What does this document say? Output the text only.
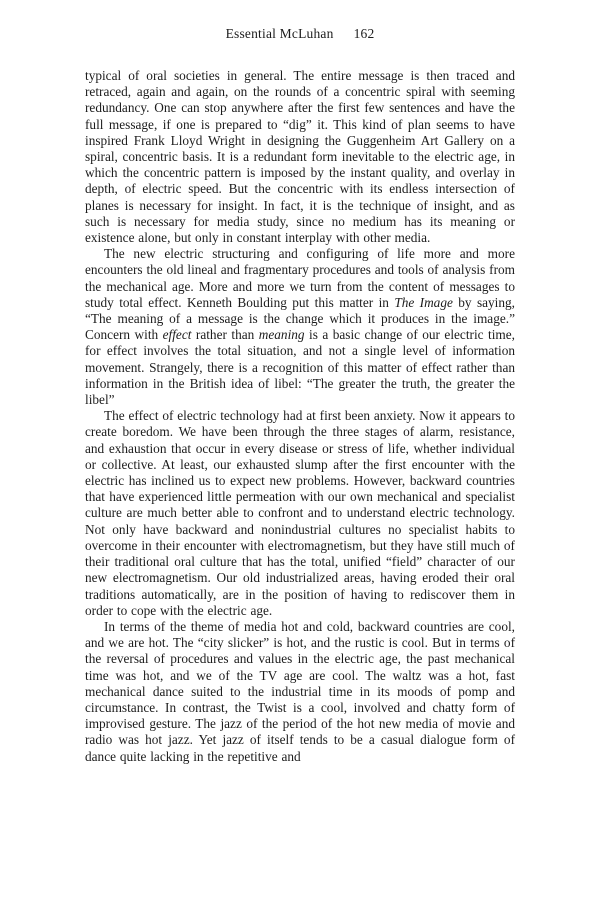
Essential McLuhan 162

typical of oral societies in general. The entire message is then traced and retraced, again and again, on the rounds of a concentric spiral with seeming redundancy. One can stop anywhere after the first few sentences and have the full message, if one is prepared to “dig” it. This kind of plan seems to have inspired Frank Lloyd Wright in designing the Guggenheim Art Gallery on a spiral, concentric basis. It is a redundant form inevitable to the electric age, in which the concentric pattern is imposed by the instant quality, and overlay in depth, of electric speed. But the concentric with its endless intersection of planes is necessary for insight. In fact, it is the technique of insight, and as such is necessary for media study, since no medium has its meaning or existence alone, but only in constant interplay with other media.

The new electric structuring and configuring of life more and more encounters the old lineal and fragmentary procedures and tools of analysis from the mechanical age. More and more we turn from the content of messages to study total effect. Kenneth Boulding put this matter in The Image by saying, “The meaning of a message is the change which it produces in the image.” Concern with effect rather than meaning is a basic change of our electric time, for effect involves the total situation, and not a single level of information movement. Strangely, there is a recognition of this matter of effect rather than information in the British idea of libel: “The greater the truth, the greater the libel”

The effect of electric technology had at first been anxiety. Now it appears to create boredom. We have been through the three stages of alarm, resistance, and exhaustion that occur in every disease or stress of life, whether individual or collective. At least, our exhausted slump after the first encounter with the electric has inclined us to expect new problems. However, backward countries that have experienced little permeation with our own mechanical and specialist culture are much better able to confront and to understand electric technology. Not only have backward and nonindustrial cultures no specialist habits to overcome in their encounter with electromagnetism, but they have still much of their traditional oral culture that has the total, unified “field” character of our new electromagnetism. Our old industrialized areas, having eroded their oral traditions automatically, are in the position of having to rediscover them in order to cope with the electric age.

In terms of the theme of media hot and cold, backward countries are cool, and we are hot. The “city slicker” is hot, and the rustic is cool. But in terms of the reversal of procedures and values in the electric age, the past mechanical time was hot, and we of the TV age are cool. The waltz was a hot, fast mechanical dance suited to the industrial time in its moods of pomp and circumstance. In contrast, the Twist is a cool, involved and chatty form of improvised gesture. The jazz of the period of the hot new media of movie and radio was hot jazz. Yet jazz of itself tends to be a casual dialogue form of dance quite lacking in the repetitive and
